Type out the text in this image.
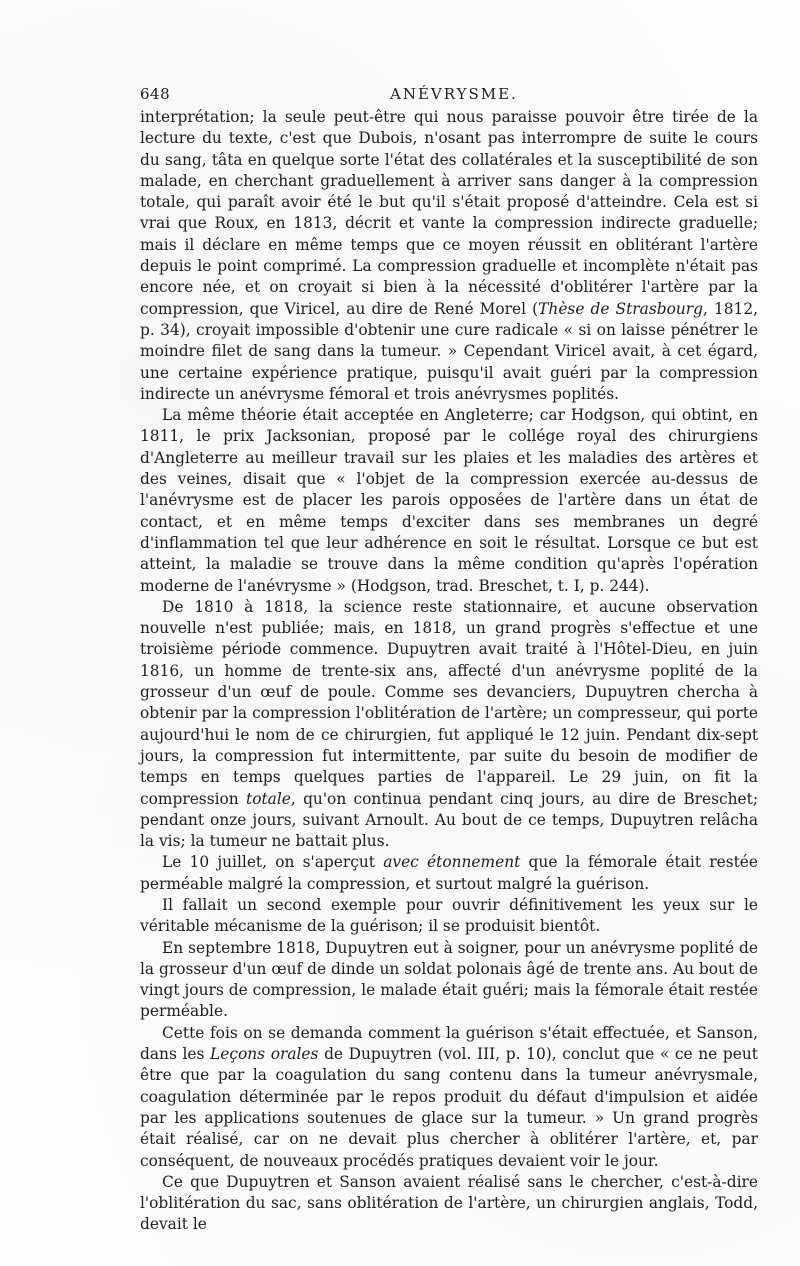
648	ANÉVRYSME.

interprétation; la seule peut-être qui nous paraisse pouvoir être tirée de la lecture du texte, c'est que Dubois, n'osant pas interrompre de suite le cours du sang, tâta en quelque sorte l'état des collatérales et la susceptibilité de son malade, en cherchant graduellement à arriver sans danger à la compression totale, qui paraît avoir été le but qu'il s'était proposé d'atteindre. Cela est si vrai que Roux, en 1813, décrit et vante la compression indirecte graduelle; mais il déclare en même temps que ce moyen réussit en oblitérant l'artère depuis le point comprimé. La compression graduelle et incomplète n'était pas encore née, et on croyait si bien à la nécessité d'oblitérer l'artère par la compression, que Viricel, au dire de René Morel (Thèse de Strasbourg, 1812, p. 34), croyait impossible d'obtenir une cure radicale « si on laisse pénétrer le moindre filet de sang dans la tumeur. » Cependant Viricel avait, à cet égard, une certaine expérience pratique, puisqu'il avait guéri par la compression indirecte un anévrysme fémoral et trois anévrysmes poplités.

La même théorie était acceptée en Angleterre; car Hodgson, qui obtint, en 1811, le prix Jacksonian, proposé par le collége royal des chirurgiens d'Angleterre au meilleur travail sur les plaies et les maladies des artères et des veines, disait que « l'objet de la compression exercée au-dessus de l'anévrysme est de placer les parois opposées de l'artère dans un état de contact, et en même temps d'exciter dans ses membranes un degré d'inflammation tel que leur adhérence en soit le résultat. Lorsque ce but est atteint, la maladie se trouve dans la même condition qu'après l'opération moderne de l'anévrysme » (Hodgson, trad. Breschet, t. I, p. 244).

De 1810 à 1818, la science reste stationnaire, et aucune observation nouvelle n'est publiée; mais, en 1818, un grand progrès s'effectue et une troisième période commence. Dupuytren avait traité à l'Hôtel-Dieu, en juin 1816, un homme de trente-six ans, affecté d'un anévrysme poplité de la grosseur d'un œuf de poule. Comme ses devanciers, Dupuytren chercha à obtenir par la compression l'oblitération de l'artère; un compresseur, qui porte aujourd'hui le nom de ce chirurgien, fut appliqué le 12 juin. Pendant dix-sept jours, la compression fut intermittente, par suite du besoin de modifier de temps en temps quelques parties de l'appareil. Le 29 juin, on fit la compression totale, qu'on continua pendant cinq jours, au dire de Breschet; pendant onze jours, suivant Arnoult. Au bout de ce temps, Dupuytren relâcha la vis; la tumeur ne battait plus.

Le 10 juillet, on s'aperçut avec étonnement que la fémorale était restée perméable malgré la compression, et surtout malgré la guérison.

Il fallait un second exemple pour ouvrir définitivement les yeux sur le véritable mécanisme de la guérison; il se produisit bientôt.

En septembre 1818, Dupuytren eut à soigner, pour un anévrysme poplité de la grosseur d'un œuf de dinde un soldat polonais âgé de trente ans. Au bout de vingt jours de compression, le malade était guéri; mais la fémorale était restée perméable.

Cette fois on se demanda comment la guérison s'était effectuée, et Sanson, dans les Leçons orales de Dupuytren (vol. III, p. 10), conclut que « ce ne peut être que par la coagulation du sang contenu dans la tumeur anévrysmale, coagulation déterminée par le repos produit du défaut d'impulsion et aidée par les applications soutenues de glace sur la tumeur. » Un grand progrès était réalisé, car on ne devait plus chercher à oblitérer l'artère, et, par conséquent, de nouveaux procédés pratiques devaient voir le jour.

Ce que Dupuytren et Sanson avaient réalisé sans le chercher, c'est-à-dire l'oblitération du sac, sans oblitération de l'artère, un chirurgien anglais, Todd, devait le
